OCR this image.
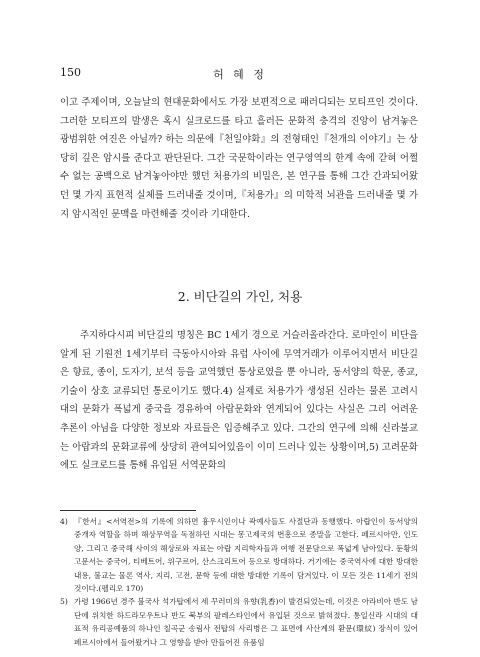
150	허 혜 정

이고 주제이며, 오늘날의 현대문화에서도 가장 보편적으로 패러디되는 모티프인 것이다. 그러한 모티프의 발생은 혹시 실크로드를 타고 흘러든 문화적 충격의 진앙이 남겨놓은 광범위한 여진은 아닐까? 하는 의문에『천일야화』의 전형태인『천개의 이야기』는 상당히 깊은 암시를 준다고 판단된다. 그간 국문학이라는 연구영역의 한계 속에 갇혀 어쩔 수 없는 공백으로 남겨놓아야만 했던 처용가의 비밀은, 본 연구를 통해 그간 간과되어왔던 몇 가지 표현적 실체를 드러내줄 것이며,『처용가』의 미학적 뇌관을 드러내줄 몇 가지 암시적인 문맥을 마련해줄 것이라 기대한다.

2. 비단길의 가인, 처용

주지하다시피 비단길의 명칭은 BC 1세기 경으로 거슬러올라간다. 로마인이 비단을 알게 된 기원전 1세기부터 극동아시아와 유럽 사이에 무역거래가 이루어지면서 비단길은 향료, 종이, 도자기, 보석 등을 교역했던 통상로였을 뿐 아니라, 동서양의 학문, 종교, 기술이 상호 교류되던 통로이기도 했다.4) 실제로 처용가가 생성된 신라는 물론 고려시대의 문화가 폭넓게 중국을 경유하여 아랍문화와 연계되어 있다는 사실은 그리 어려운 추론이 아님을 다양한 정보와 자료들은 입증해주고 있다. 그간의 연구에 의해 신라불교는 아랍과의 문화교류에 상당히 관여되어있음이 이미 드러나 있는 상황이며,5) 고려문화에도 실크로드를 통해 유입된 서역문화의

4) 『한서』<서역전>의 기록에 의하면 흉우시인이나 곽예사들도 사절단과 동행했다. 아랍인이 동서양의 중개자 역할을 하며 해상무역을 독점하던 시대는 몽고제국의 번흥으로 종말을 고한다. 페르시아만, 인도양, 그리고 중국해 사이의 해상로와 자료는 아랍 지리학자들과 여행 전문담으로 폭넓게 남아있다. 둔황의 고문서는 중국어, 티베트어, 위구르어, 산스크리트어 등으로 방대하다. 거기에는 중국역사에 대한 방대한 내용, 불교는 물론 역사, 지리, 고전, 문학 등에 대한 방대한 기록이 담겨있다. 이 모든 것은 11세기 전의 것이다.(펠리오 170)
5) 가령 1966년 경주 불국사 석가탑에서 세 꾸러미의 유향(乳香)이 발견되었는데, 이것은 아라비아 반도 남단에 위치한 하드라모우트나 반도 북부의 팔레스타인에서 유입된 것으로 밝혀졌다. 통일신라 시대의 대표적 유리공예품의 하나인 칠곡군 송림사 전탑의 사리병은 그 표면에 사산계의 환문(環紋) 장식이 있어 페르시아에서 들어왔거나 그 영향을 받아 만들어진 유품임
